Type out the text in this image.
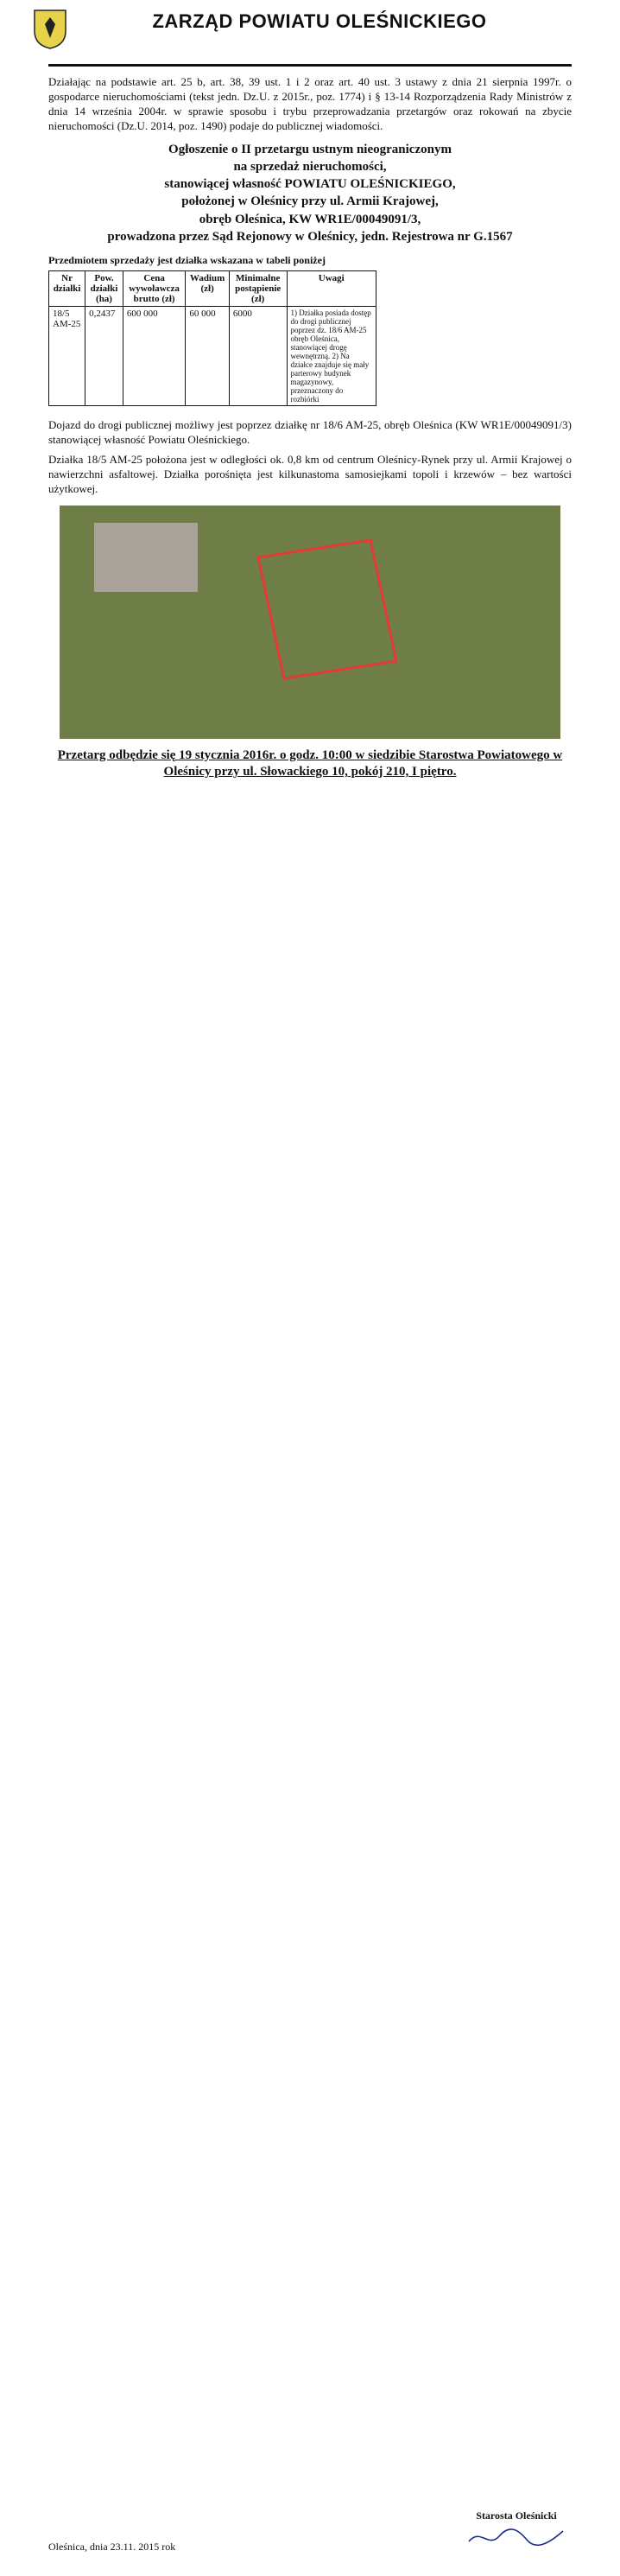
ZARZĄD POWIATU OLEŚNICKIEGO

Działając na podstawie art. 25 b, art. 38, 39 ust. 1 i 2 oraz art. 40 ust. 3 ustawy z dnia 21 sierpnia 1997r. o gospodarce nieruchomościami (tekst jedn. Dz.U. z 2015r., poz. 1774) i § 13-14 Rozporządzenia Rady Ministrów z dnia 14 września 2004r. w sprawie sposobu i trybu przeprowadzania przetargów oraz rokowań na zbycie nieruchomości (Dz.U. 2014, poz. 1490) podaje do publicznej wiadomości.

Ogłoszenie o II przetargu ustnym nieograniczonym
na sprzedaż nieruchomości,
stanowiącej własność POWIATU OLEŚNICKIEGO,
położonej w Oleśnicy przy ul. Armii Krajowej,
obręb Oleśnica, KW WR1E/00049091/3,
prowadzona przez Sąd Rejonowy w Oleśnicy, jedn. Rejestrowa nr G.1567
Przedmiotem sprzedaży jest działka wskazana w tabeli poniżej
Nr działki	Pow. działki (ha)	Cena wywoławcza brutto (zł)	Wadium (zł)	Minimalne postąpienie (zł)	Uwagi
18/5 AM-25	0,2437	600 000	60 000	6000	1) Działka posiada dostęp do drogi publicznej poprzez dz. 18/6 AM-25 obręb Oleśnica, stanowiącej drogę wewnętrzną. 2) Na działce znajduje się mały parterowy budynek magazynowy, przeznaczony do rozbiórki

Dojazd do drogi publicznej możliwy jest poprzez działkę nr 18/6 AM-25, obręb Oleśnica (KW WR1E/00049091/3) stanowiącej własność Powiatu Oleśnickiego.

Działka 18/5 AM-25 położona jest w odległości ok. 0,8 km od centrum Oleśnicy-Rynek przy ul. Armii Krajowej o nawierzchni asfaltowej. Działka porośnięta jest kilkunastoma samosiejkami topoli i krzewów – bez wartości użytkowej.

Przetarg odbędzie się 19 stycznia 2016r. o godz. 10:00 w siedzibie Starostwa Powiatowego w Oleśnicy przy ul. Słowackiego 10, pokój 210, I piętro.

Oleśnica, dnia 23.11. 2015 rok
Starosta Oleśnicki
